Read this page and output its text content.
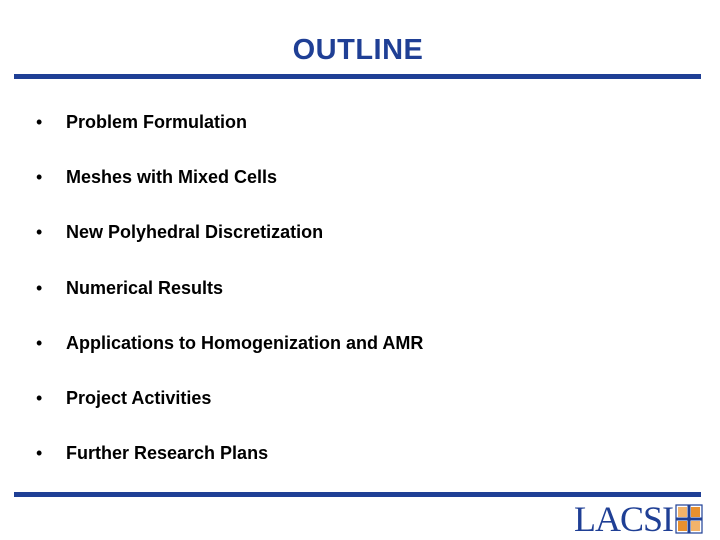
OUTLINE
•	Problem Formulation
•	Meshes with Mixed Cells
•	New Polyhedral Discretization
•	Numerical Results
•	Applications to Homogenization and AMR
•	Project Activities
•	Further Research Plans
LACSI
